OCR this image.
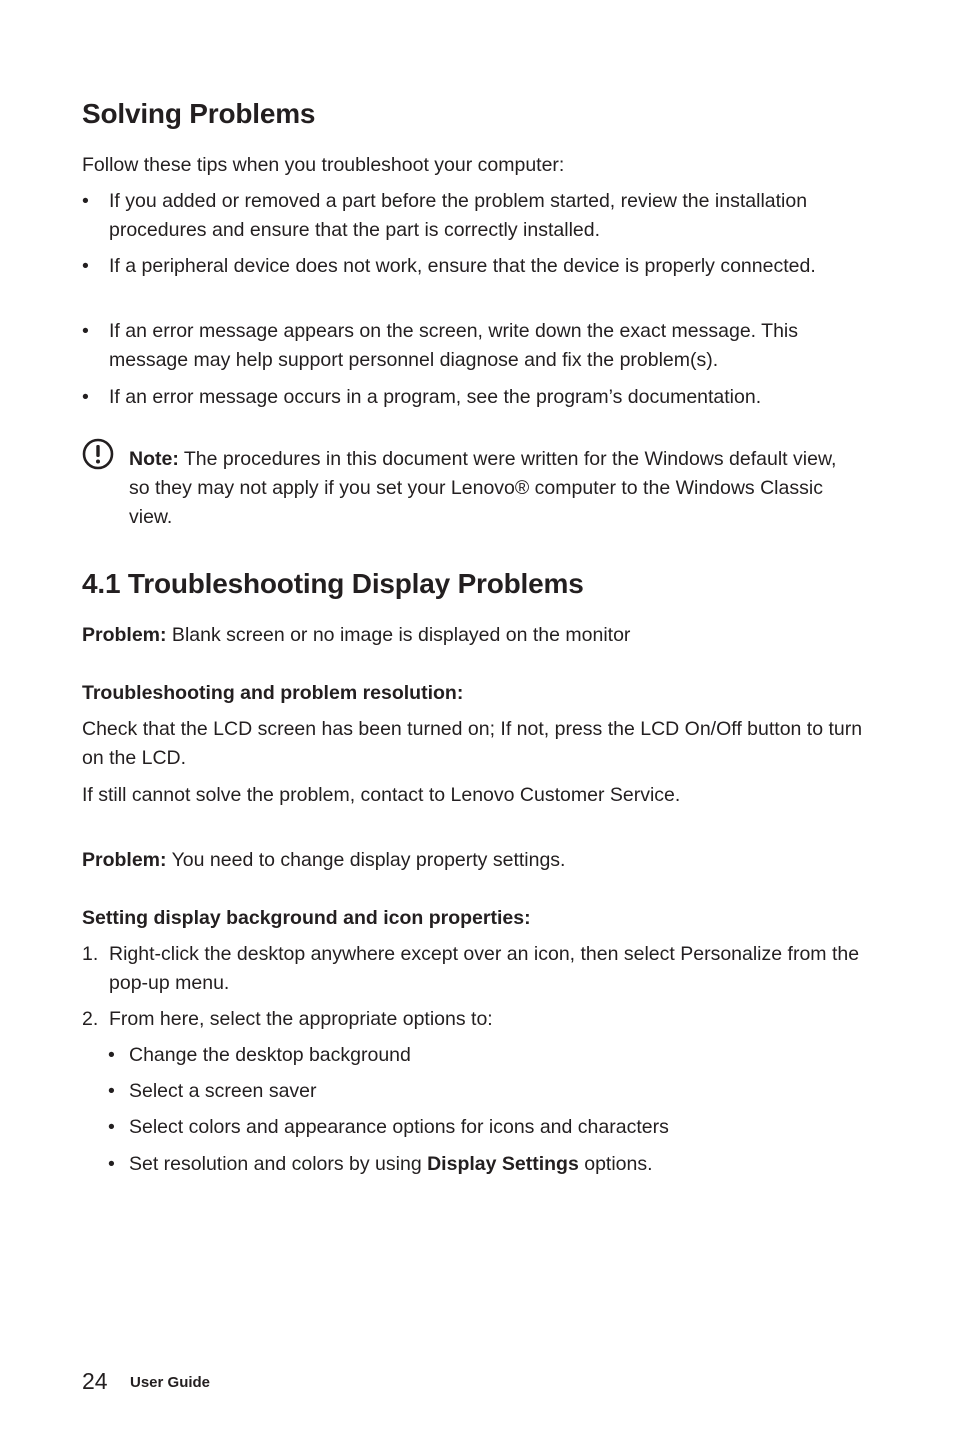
Solving Problems

Follow these tips when you troubleshoot your computer:

• If you added or removed a part before the problem started, review the installation procedures and ensure that the part is correctly installed.
• If a peripheral device does not work, ensure that the device is properly connected.
• If an error message appears on the screen, write down the exact message. This message may help support personnel diagnose and fix the problem(s).
• If an error message occurs in a program, see the program’s documentation.
Note: The procedures in this document were written for the Windows default view, so they may not apply if you set your Lenovo® computer to the Windows Classic view.
4.1 Troubleshooting Display Problems

Problem: Blank screen or no image is displayed on the monitor

Troubleshooting and problem resolution:

Check that the LCD screen has been turned on; If not, press the LCD On/Off button to turn on the LCD.

If still cannot solve the problem, contact to Lenovo Customer Service.

Problem: You need to change display property settings.

Setting display background and icon properties:

1. Right-click the desktop anywhere except over an icon, then select Personalize from the pop-up menu.
2. From here, select the appropriate options to:
• Change the desktop background
• Select a screen saver
• Select colors and appearance options for icons and characters
• Set resolution and colors by using Display Settings options.
24 User Guide
